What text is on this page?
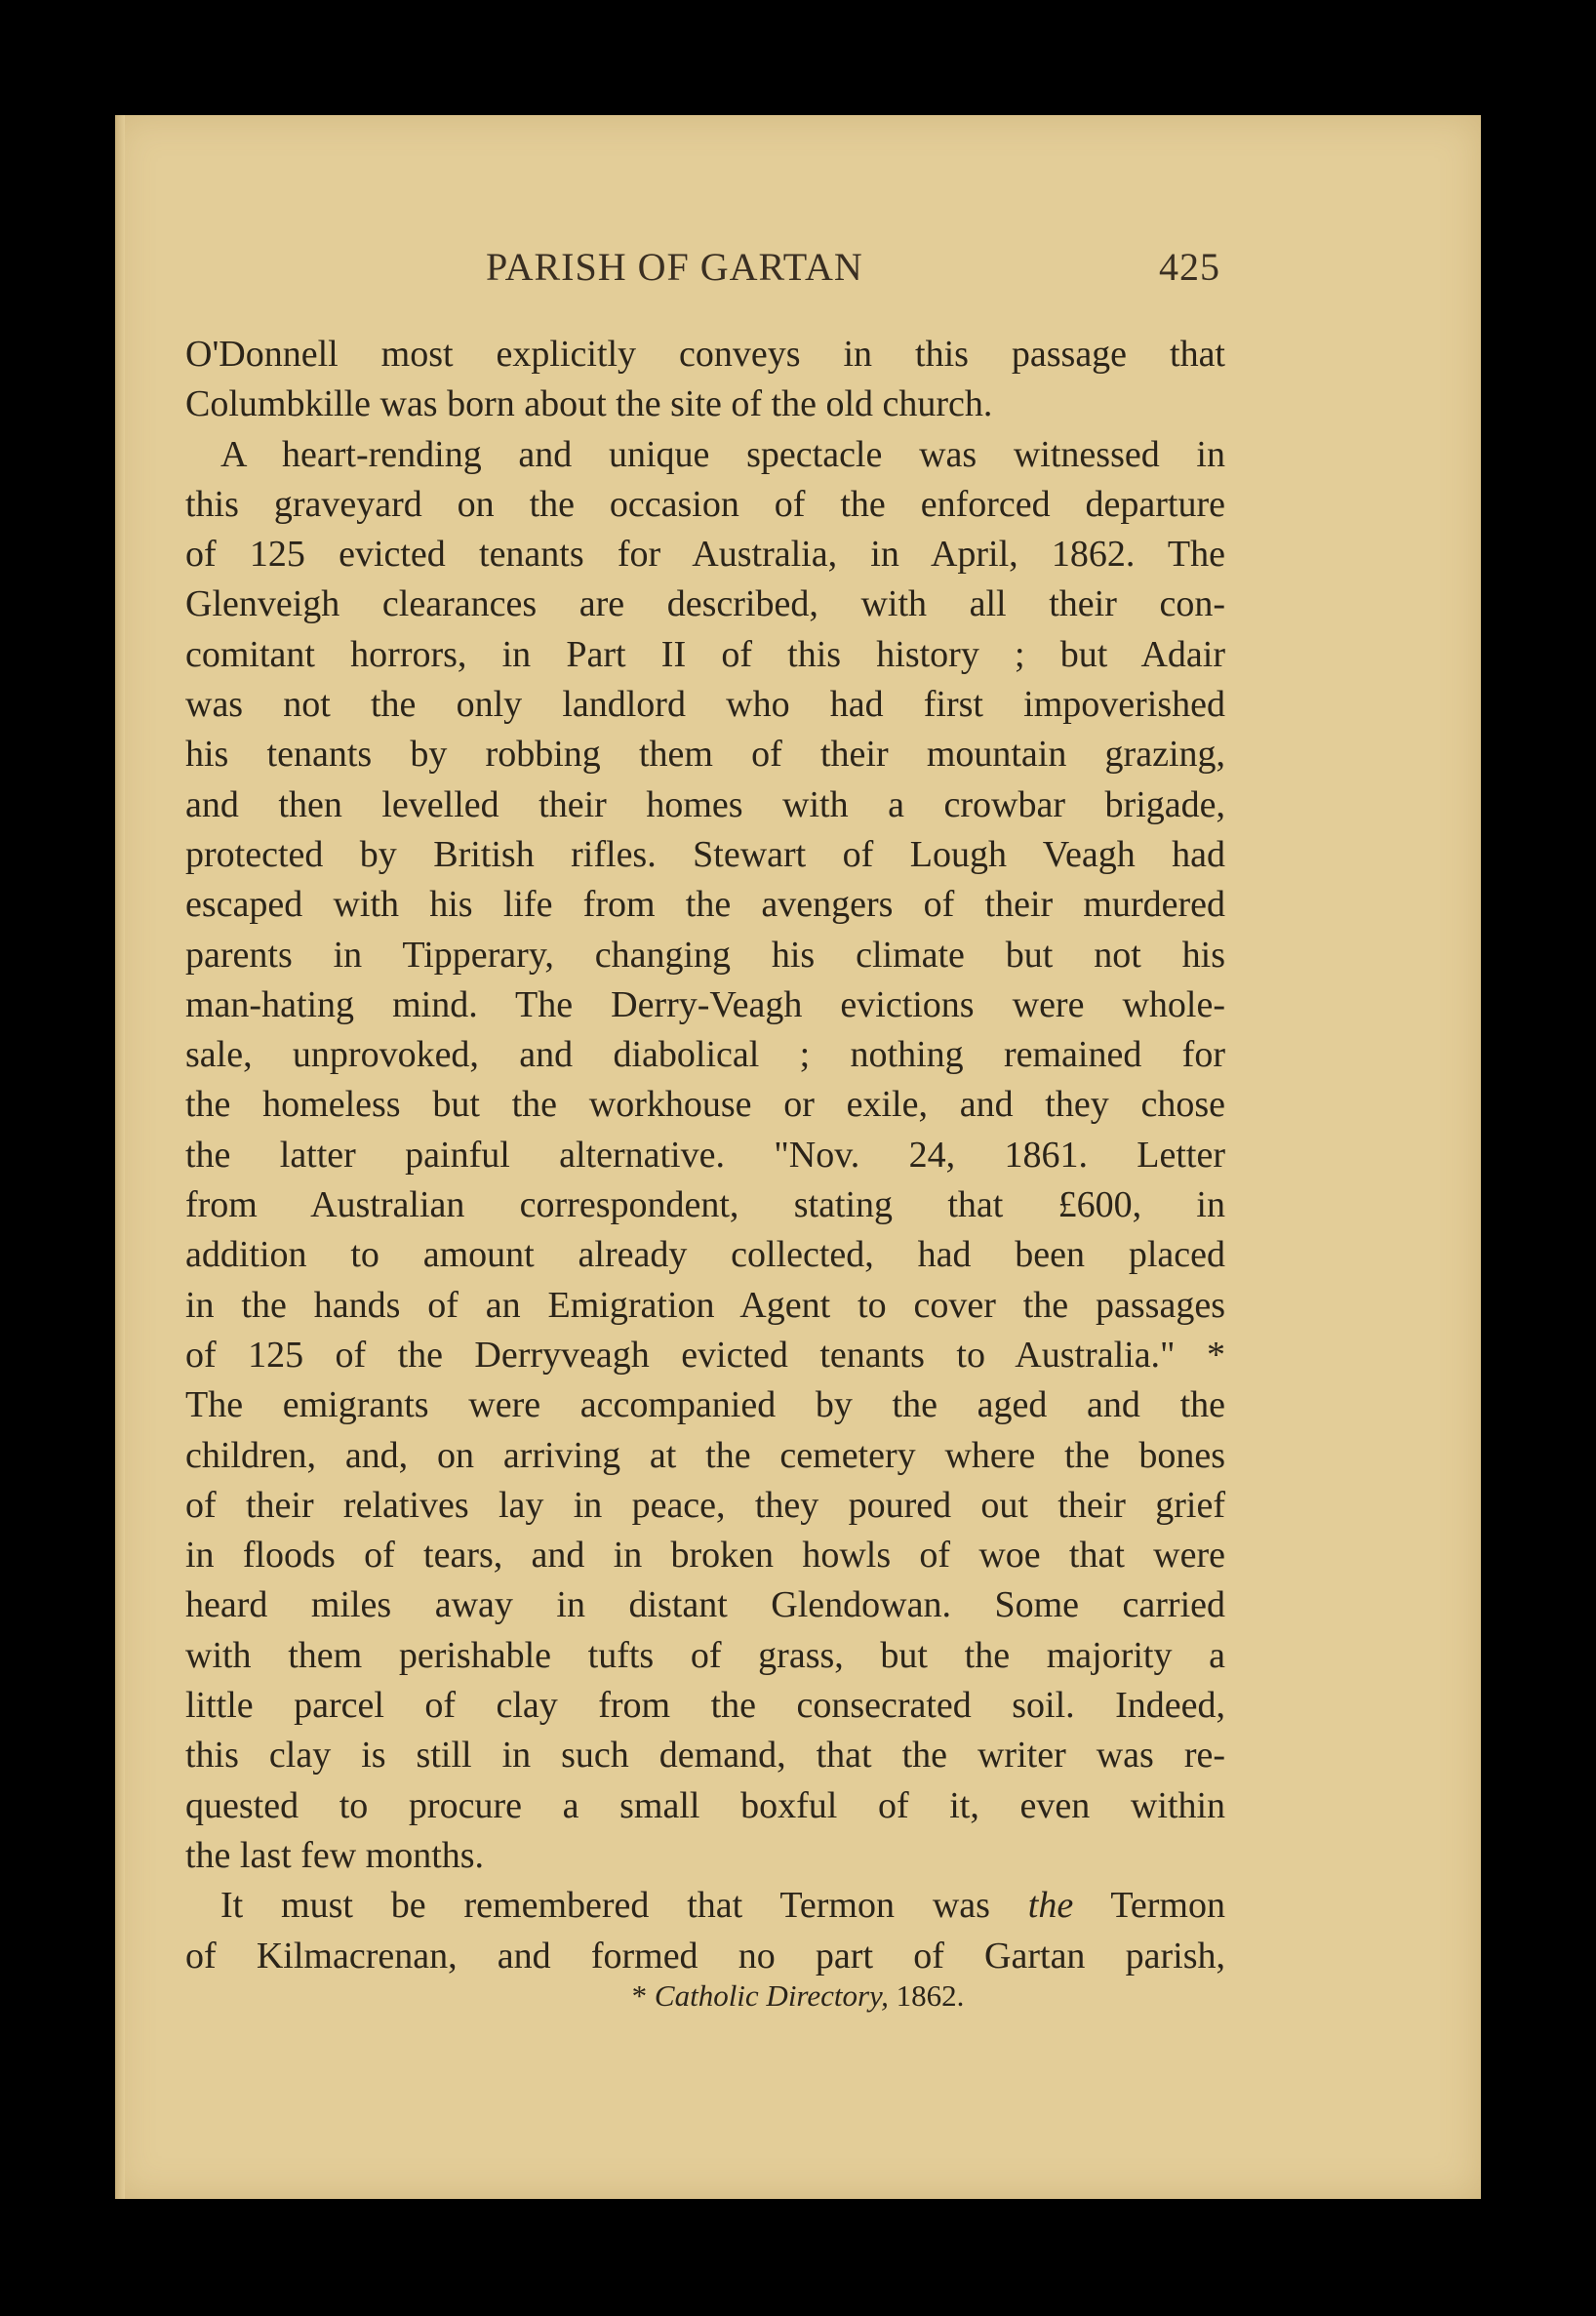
PARISH OF GARTAN	425

O'Donnell most explicitly conveys in this passage that

Columbkille was born about the site of the old church.

A heart-rending and unique spectacle was witnessed in

this graveyard on the occasion of the enforced departure

of 125 evicted tenants for Australia, in April, 1862. The

Glenveigh clearances are described, with all their con-

comitant horrors, in Part II of this history ; but Adair

was not the only landlord who had first impoverished

his tenants by robbing them of their mountain grazing,

and then levelled their homes with a crowbar brigade,

protected by British rifles. Stewart of Lough Veagh had

escaped with his life from the avengers of their murdered

parents in Tipperary, changing his climate but not his

man-hating mind. The Derry-Veagh evictions were whole-

sale, unprovoked, and diabolical ; nothing remained for

the homeless but the workhouse or exile, and they chose

the latter painful alternative. "Nov. 24, 1861. Letter

from Australian correspondent, stating that £600, in

addition to amount already collected, had been placed

in the hands of an Emigration Agent to cover the passages

of 125 of the Derryveagh evicted tenants to Australia." *

The emigrants were accompanied by the aged and the

children, and, on arriving at the cemetery where the bones

of their relatives lay in peace, they poured out their grief

in floods of tears, and in broken howls of woe that were

heard miles away in distant Glendowan. Some carried

with them perishable tufts of grass, but the majority a

little parcel of clay from the consecrated soil. Indeed,

this clay is still in such demand, that the writer was re-

quested to procure a small boxful of it, even within

the last few months.

It must be remembered that Termon was the Termon

of Kilmacrenan, and formed no part of Gartan parish,

* Catholic Directory, 1862.
